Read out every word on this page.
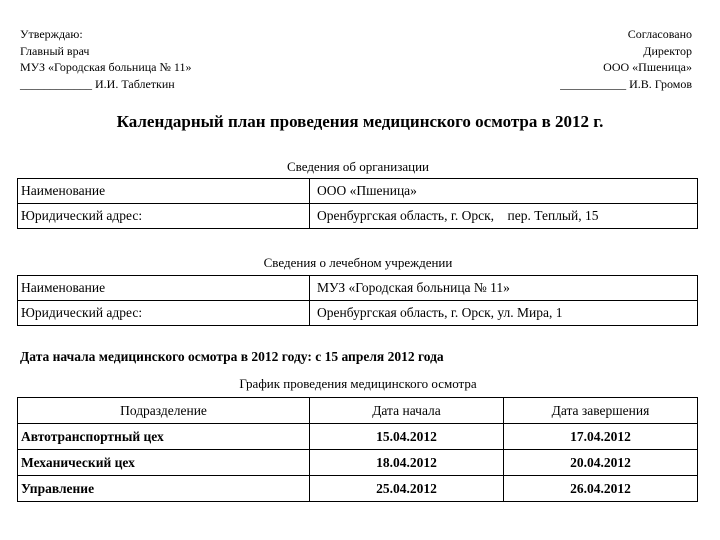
Утверждаю:
Главный врач
МУЗ «Городская больница № 11»
____________ И.И. Таблеткин
Согласовано
Директор
ООО «Пшеница»
___________ И.В. Громов
Календарный план проведения медицинского осмотра в 2012 г.
Сведения об организации
Наименование	ООО «Пшеница»
Юридический адрес:	Оренбургская область, г. Орск,    пер. Теплый, 15
Сведения о лечебном учреждении
Наименование	МУЗ «Городская больница № 11»
Юридический адрес:	Оренбургская область, г. Орск, ул. Мира, 1
Дата начала медицинского осмотра в 2012 году: с 15 апреля 2012 года
График проведения медицинского осмотра
Подразделение	Дата начала	Дата завершения
Автотранспортный цех	15.04.2012	17.04.2012
Механический цех	18.04.2012	20.04.2012
Управление	25.04.2012	26.04.2012
